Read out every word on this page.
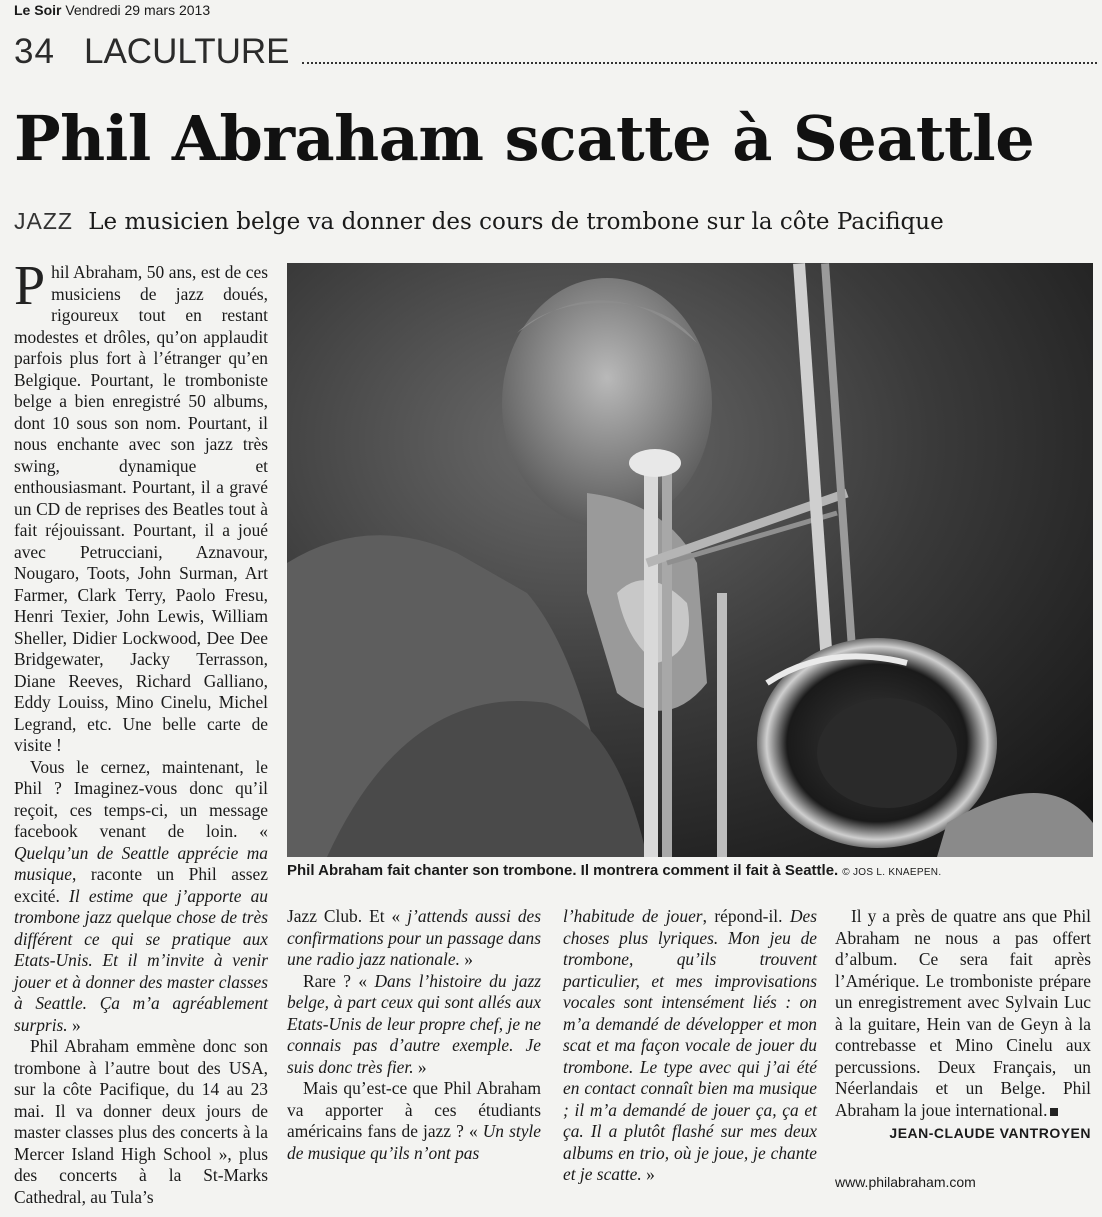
Le Soir Vendredi 29 mars 2013
34 LACULTURE
Phil Abraham scatte à Seattle
JAZZ Le musicien belge va donner des cours de trombone sur la côte Pacifique

Phil Abraham, 50 ans, est de ces musiciens de jazz doués, rigoureux tout en restant modestes et drôles, qu’on applaudit parfois plus fort à l’étranger qu’en Belgique. Pourtant, le tromboniste belge a bien enregistré 50 albums, dont 10 sous son nom. Pourtant, il nous enchante avec son jazz très swing, dynamique et enthousiasmant. Pourtant, il a gravé un CD de reprises des Beatles tout à fait réjouissant. Pourtant, il a joué avec Petrucciani, Aznavour, Nougaro, Toots, John Surman, Art Farmer, Clark Terry, Paolo Fresu, Henri Texier, John Lewis, William Sheller, Didier Lockwood, Dee Dee Bridgewater, Jacky Terrasson, Diane Reeves, Richard Galliano, Eddy Louiss, Mino Cinelu, Michel Legrand, etc. Une belle carte de visite !

Vous le cernez, maintenant, le Phil ? Imaginez-vous donc qu’il reçoit, ces temps-ci, un message facebook venant de loin. « Quelqu’un de Seattle apprécie ma musique, raconte un Phil assez excité. Il estime que j’apporte au trombone jazz quelque chose de très différent ce qui se pratique aux Etats-Unis. Et il m’invite à venir jouer et à donner des master classes à Seattle. Ça m’a agréablement surpris. »

Phil Abraham emmène donc son trombone à l’autre bout des USA, sur la côte Pacifique, du 14 au 23 mai. Il va donner deux jours de master classes plus des concerts à la Mercer Island High School », plus des concerts à la St-Marks Cathedral, au Tula’s

Phil Abraham fait chanter son trombone. Il montrera comment il fait à Seattle. © JOS L. KNAEPEN.

Jazz Club. Et « j’attends aussi des confirmations pour un passage dans une radio jazz nationale. »

Rare ? « Dans l’histoire du jazz belge, à part ceux qui sont allés aux Etats-Unis de leur propre chef, je ne connais pas d’autre exemple. Je suis donc très fier. »

Mais qu’est-ce que Phil Abraham va apporter à ces étudiants américains fans de jazz ? « Un style de musique qu’ils n’ont pas

l’habitude de jouer, répond-il. Des choses plus lyriques. Mon jeu de trombone, qu’ils trouvent particulier, et mes improvisations vocales sont intensément liés : on m’a demandé de développer et mon scat et ma façon vocale de jouer du trombone. Le type avec qui j’ai été en contact connaît bien ma musique ; il m’a demandé de jouer ça, ça et ça. Il a plutôt flashé sur mes deux albums en trio, où je joue, je chante et je scatte. »

Il y a près de quatre ans que Phil Abraham ne nous a pas offert d’album. Ce sera fait après l’Amérique. Le tromboniste prépare un enregistrement avec Sylvain Luc à la guitare, Hein van de Geyn à la contrebasse et Mino Cinelu aux percussions. Deux Français, un Néerlandais et un Belge. Phil Abraham la joue international.

JEAN-CLAUDE VANTROYEN
www.philabraham.com
